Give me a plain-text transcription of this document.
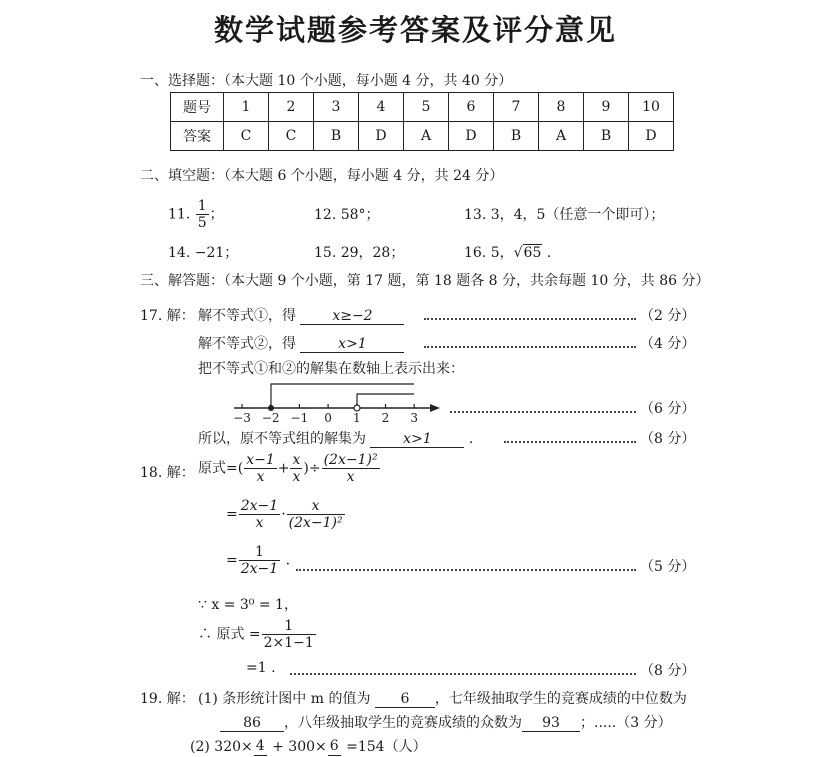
数学试题参考答案及评分意见
一、选择题：（本大题 10 个小题，每小题 4 分，共 40 分）
题号	1	2	3	4	5	6	7	8	9	10
答案	C	C	B	D	A	D	B	A	B	D
二、填空题：（本大题 6 个小题，每小题 4 分，共 24 分）
11. $\frac{1}{5}$ ；	12. 58°；	13. 3，4，5（任意一个即可）；
14. −21；	15. 29，28；	16. 5，√65 .
三、解答题：（本大题 9 个小题，第 17 题，第 18 题各 8 分，共余每题 10 分，共 86 分）
17. 解： 解不等式①，得	x≥−2	（2 分）
解不等式②，得	x>1	（4 分）
把不等式①和②的解集在数轴上表示出来：
−3 −2 −1 0 1 2 3
（6 分）
所以，原不等式组的解集为	x>1 .	（8 分）
18. 解： 原式=( $\frac{x-1}{x} + \frac{x}{x}$ )÷ $\frac{\text{(2x−1)²}}{x}$
= $\frac{2x-1}{x} \cdot \frac{x}{\text{(2x−1)²}}$
= $\frac{1}{2x-1}$ .	（5 分）
∵ x = 3⁰ = 1，
∴ 原式 = $\frac{1}{2\times 1-1}$
=1 .	（8 分）
19. 解： (1) 条形统计图中 m 的值为 6 ，七年级抽取学生的竞赛成绩的中位数为
86 ，八年级抽取学生的竞赛成绩的众数为 93 ；.....（3 分）
(2) 320× 4 + 300× 6 =154（人）
